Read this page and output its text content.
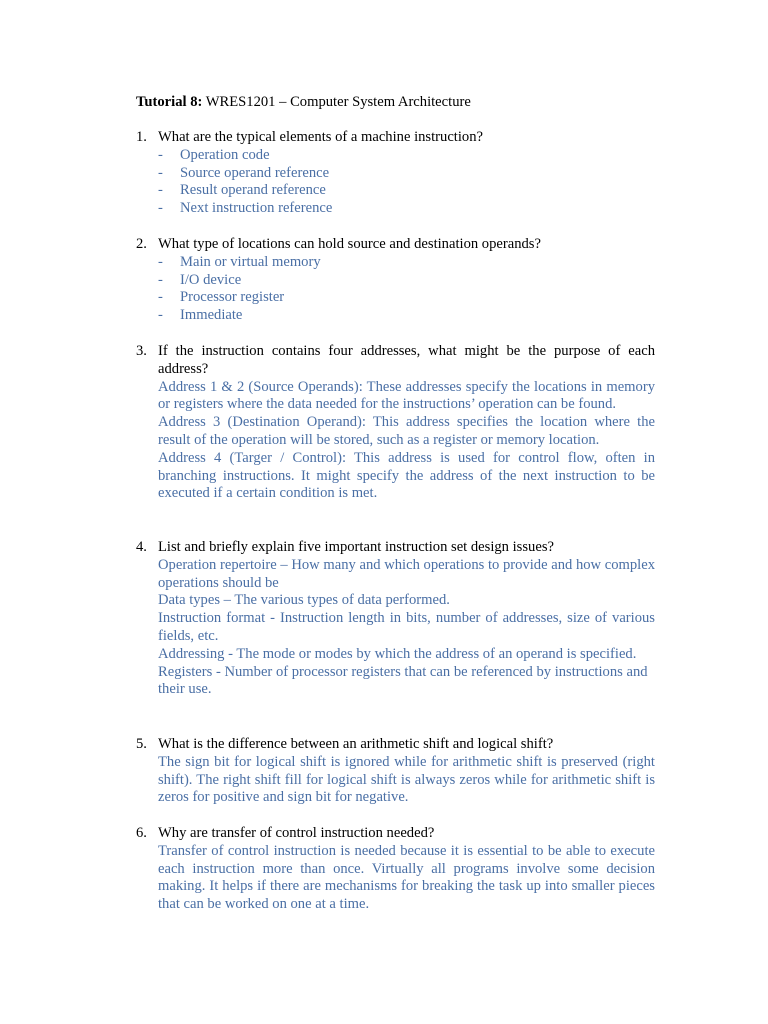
Tutorial 8: WRES1201 – Computer System Architecture
1. What are the typical elements of a machine instruction?
-	Operation code
-	Source operand reference
-	Result operand reference
-	Next instruction reference
2. What type of locations can hold source and destination operands?
-	Main or virtual memory
-	I/O device
-	Processor register
-	Immediate
3. If the instruction contains four addresses, what might be the purpose of each address?
Address 1 & 2 (Source Operands): These addresses specify the locations in memory or registers where the data needed for the instructions’ operation can be found.
Address 3 (Destination Operand): This address specifies the location where the result of the operation will be stored, such as a register or memory location.
Address 4 (Targer / Control): This address is used for control flow, often in branching instructions. It might specify the address of the next instruction to be executed if a certain condition is met.
4. List and briefly explain five important instruction set design issues?
Operation repertoire – How many and which operations to provide and how complex operations should be
Data types – The various types of data performed.
Instruction format - Instruction length in bits, number of addresses, size of various fields, etc.
Addressing - The mode or modes by which the address of an operand is specified.
Registers - Number of processor registers that can be referenced by instructions and
their use.
5. What is the difference between an arithmetic shift and logical shift?
The sign bit for logical shift is ignored while for arithmetic shift is preserved (right shift). The right shift fill for logical shift is always zeros while for arithmetic shift is zeros for positive and sign bit for negative.
6. Why are transfer of control instruction needed?
Transfer of control instruction is needed because it is essential to be able to execute each instruction more than once. Virtually all programs involve some decision making. It helps if there are mechanisms for breaking the task up into smaller pieces that can be worked on one at a time.
